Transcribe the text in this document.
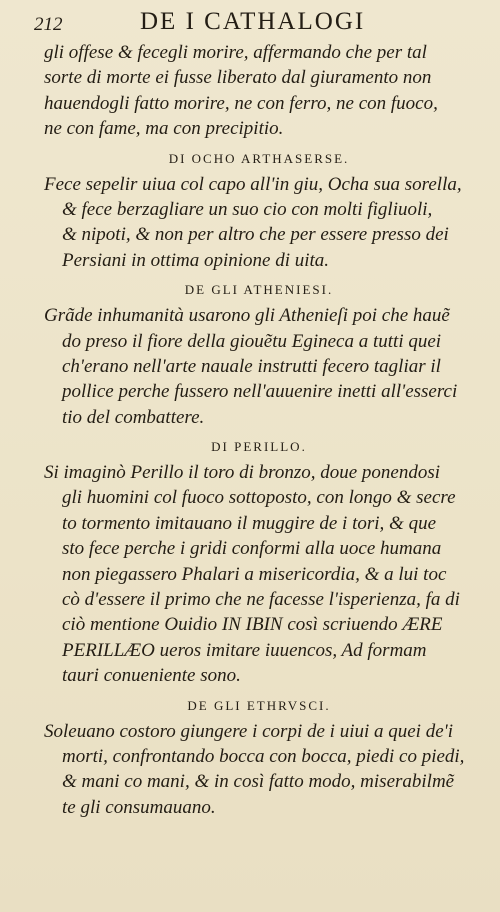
212	DE I CATHALOGI
gli offese & fecegli morire, affermando che per tal
sorte di morte ei fusse liberato dal giuramento non
hauendogli fatto morire, ne con ferro, ne con fuoco,
ne con fame, ma con precipitio.
DI OCHO ARTHASERSE.
Fece sepelir uiua col capo all'in giu, Ocha sua sorella,
& fece berzagliare un suo cio con molti figliuoli,
& nipoti, & non per altro che per essere presso dei
Persiani in ottima opinione di uita.
DE GLI ATHENIESI.
Grãde inhumanità usarono gli Athenieſi poi che hauẽ
do preso il fiore della giouẽtu Egineca a tutti quei
ch'erano nell'arte nauale instrutti fecero tagliar il
pollice perche fussero nell'auuenire inetti all'esserci
tio del combattere.
DI PERILLO.
Si imaginò Perillo il toro di bronzo, doue ponendosi
gli huomini col fuoco sottoposto, con longo & secre
to tormento imitauano il muggire de i tori, & que
sto fece perche i gridi conformi alla uoce humana
non piegassero Phalari a misericordia, & a lui toc
cò d'essere il primo che ne facesse l'isperienza, fa di
ciò mentione Ouidio IN IBIN così scriuendo ÆRE
PERILLÆO ueros imitare iuuencos, Ad formam
tauri conueniente sono.
DE GLI ETHRVSCI.
Soleuano costoro giungere i corpi de i uiui a quei de'i
morti, confrontando bocca con bocca, piedi co piedi,
& mani co mani, & in così fatto modo, miserabilmẽ
te gli consumauano.
